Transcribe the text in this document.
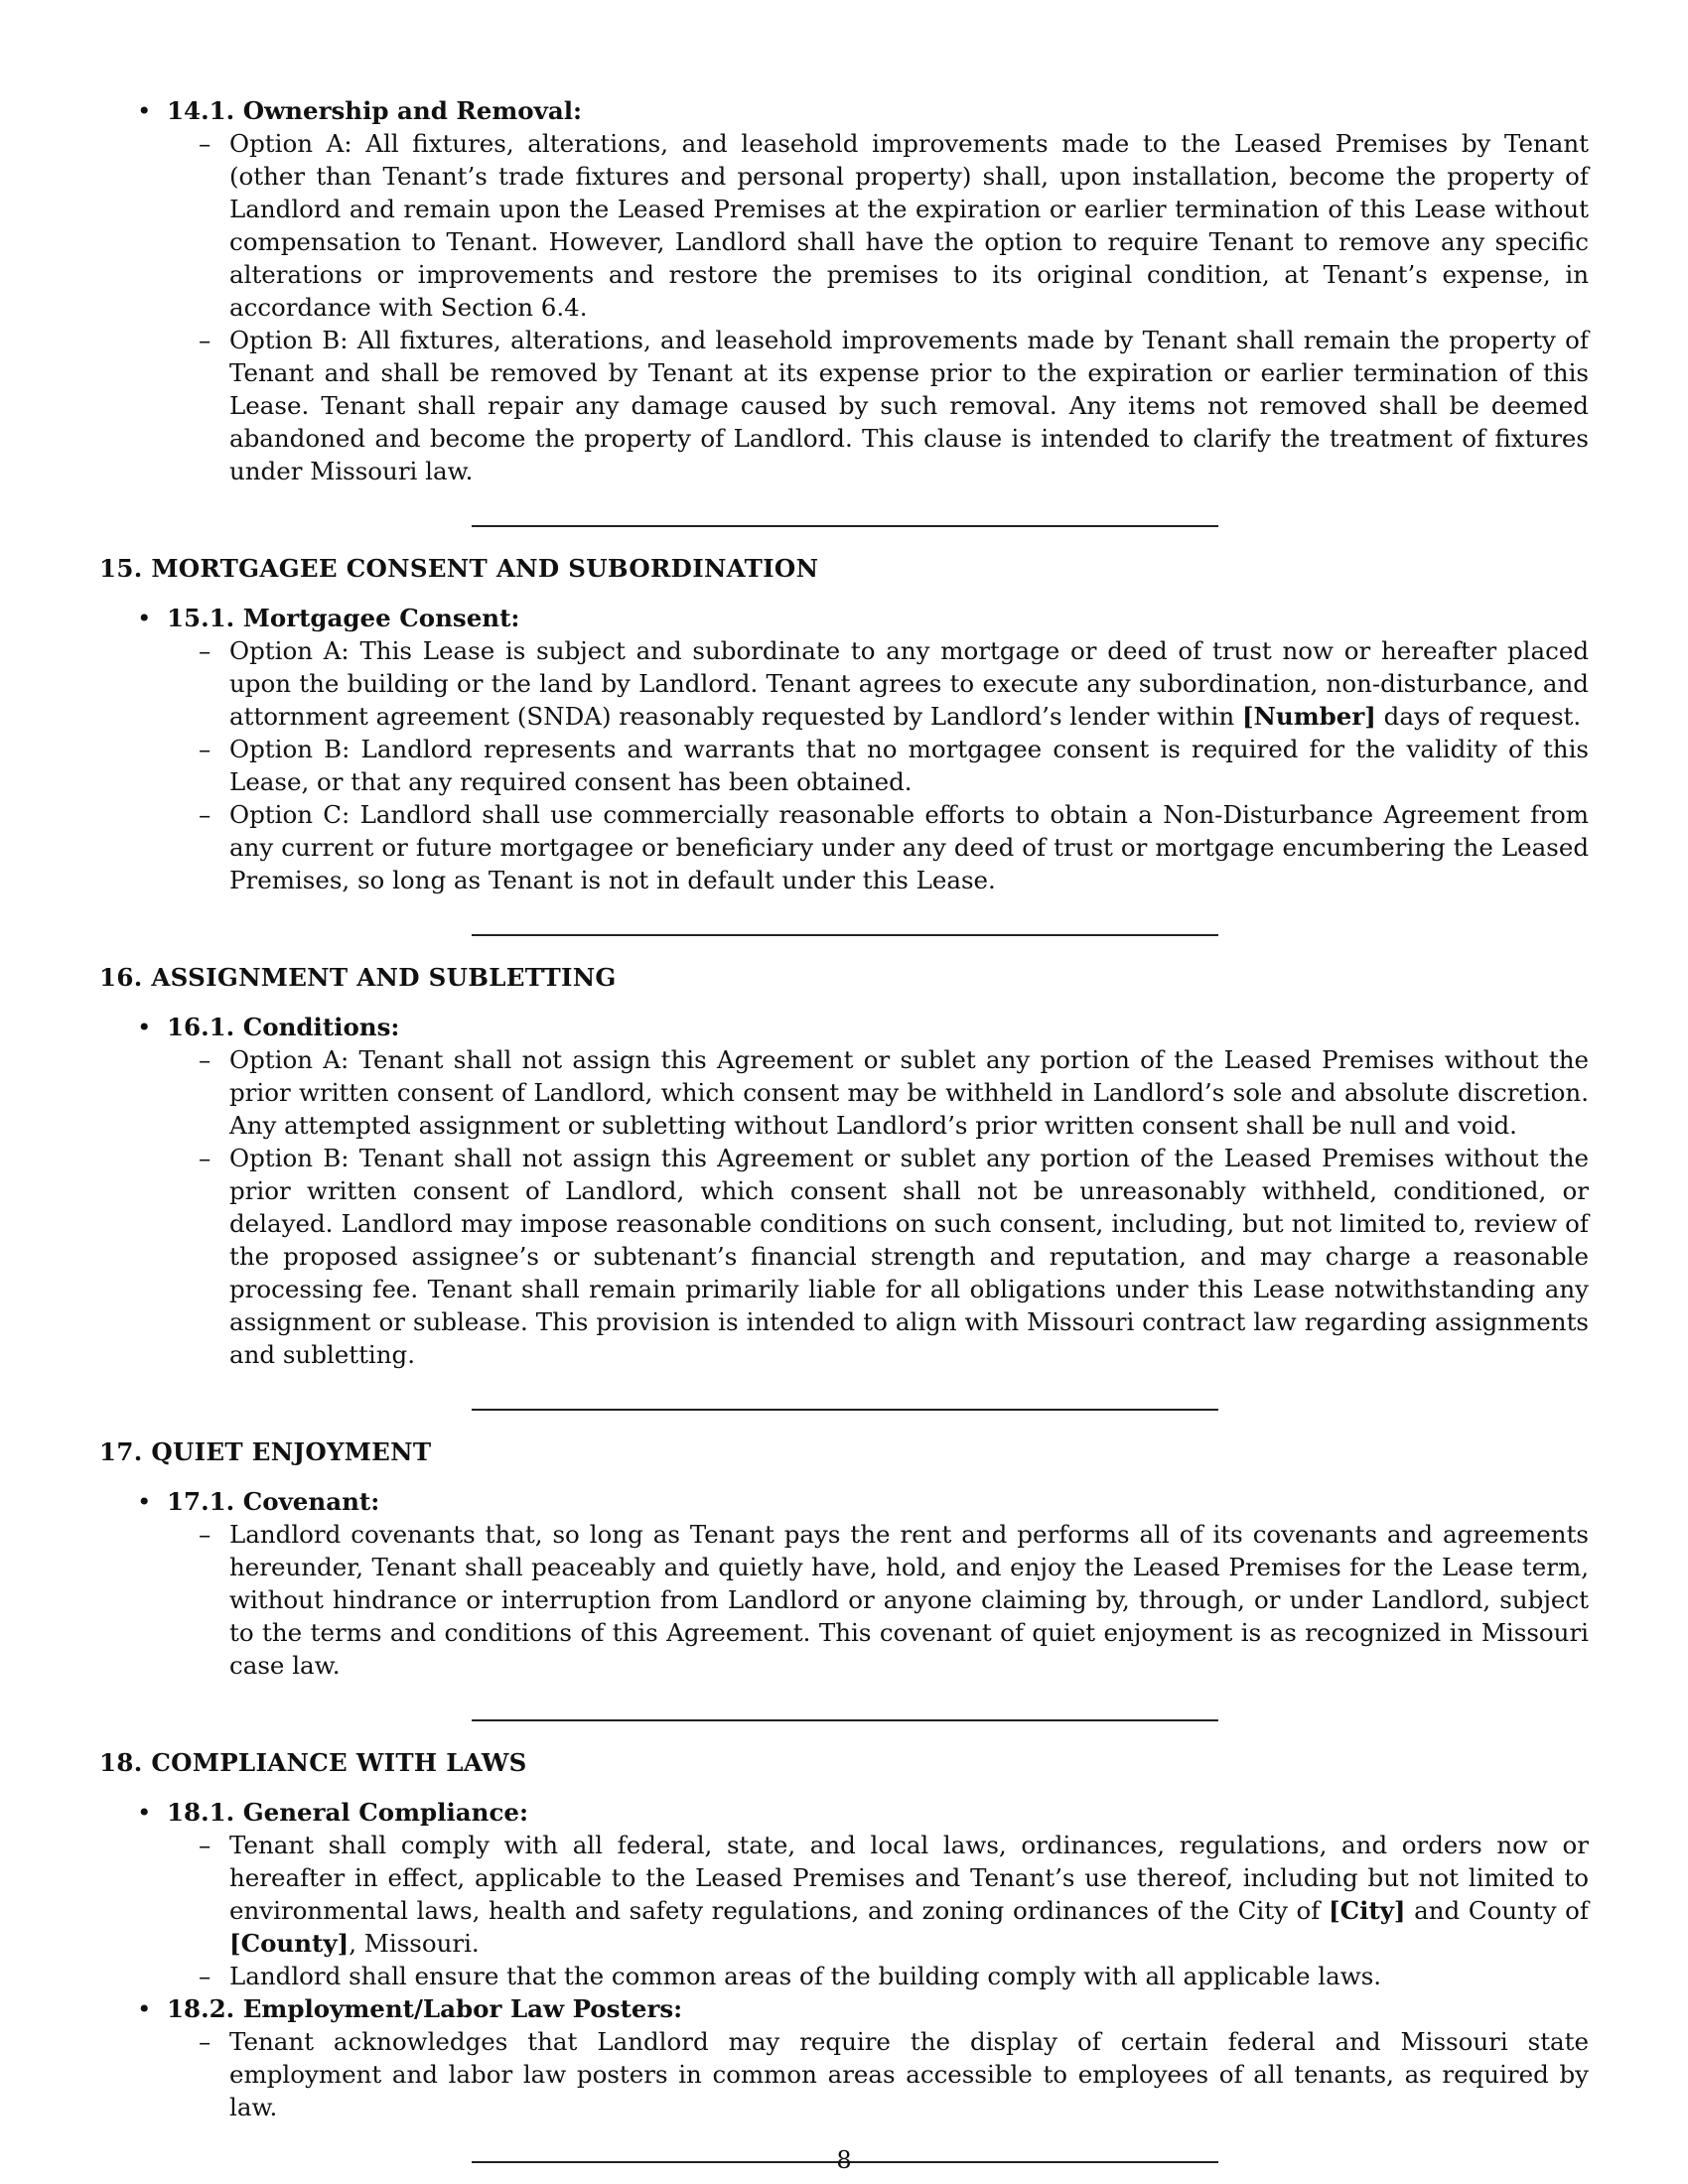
• 14.1. Ownership and Removal:
– Option A: All fixtures, alterations, and leasehold improvements made to the Leased Premises by Tenant (other than Tenant’s trade fixtures and personal property) shall, upon installation, become the property of Landlord and remain upon the Leased Premises at the expiration or earlier termination of this Lease without compensation to Tenant. However, Landlord shall have the option to require Tenant to remove any specific alterations or improvements and restore the premises to its original condition, at Tenant’s expense, in accordance with Section 6.4.
– Option B: All fixtures, alterations, and leasehold improvements made by Tenant shall remain the property of Tenant and shall be removed by Tenant at its expense prior to the expiration or earlier termination of this Lease. Tenant shall repair any damage caused by such removal. Any items not removed shall be deemed abandoned and become the property of Landlord. This clause is intended to clarify the treatment of fixtures under Missouri law.
15. MORTGAGEE CONSENT AND SUBORDINATION
• 15.1. Mortgagee Consent:
– Option A: This Lease is subject and subordinate to any mortgage or deed of trust now or hereafter placed upon the building or the land by Landlord. Tenant agrees to execute any subordination, non-disturbance, and attornment agreement (SNDA) reasonably requested by Landlord’s lender within [Number] days of request.
– Option B: Landlord represents and warrants that no mortgagee consent is required for the validity of this Lease, or that any required consent has been obtained.
– Option C: Landlord shall use commercially reasonable efforts to obtain a Non-Disturbance Agreement from any current or future mortgagee or beneficiary under any deed of trust or mortgage encumbering the Leased Premises, so long as Tenant is not in default under this Lease.
16. ASSIGNMENT AND SUBLETTING
• 16.1. Conditions:
– Option A: Tenant shall not assign this Agreement or sublet any portion of the Leased Premises without the prior written consent of Landlord, which consent may be withheld in Landlord’s sole and absolute discretion. Any attempted assignment or subletting without Landlord’s prior written consent shall be null and void.
– Option B: Tenant shall not assign this Agreement or sublet any portion of the Leased Premises without the prior written consent of Landlord, which consent shall not be unreasonably withheld, conditioned, or delayed. Landlord may impose reasonable conditions on such consent, including, but not limited to, review of the proposed assignee’s or subtenant’s financial strength and reputation, and may charge a reasonable processing fee. Tenant shall remain primarily liable for all obligations under this Lease notwithstanding any assignment or sublease. This provision is intended to align with Missouri contract law regarding assignments and subletting.
17. QUIET ENJOYMENT
• 17.1. Covenant:
– Landlord covenants that, so long as Tenant pays the rent and performs all of its covenants and agreements hereunder, Tenant shall peaceably and quietly have, hold, and enjoy the Leased Premises for the Lease term, without hindrance or interruption from Landlord or anyone claiming by, through, or under Landlord, subject to the terms and conditions of this Agreement. This covenant of quiet enjoyment is as recognized in Missouri case law.
18. COMPLIANCE WITH LAWS
• 18.1. General Compliance:
– Tenant shall comply with all federal, state, and local laws, ordinances, regulations, and orders now or hereafter in effect, applicable to the Leased Premises and Tenant’s use thereof, including but not limited to environmental laws, health and safety regulations, and zoning ordinances of the City of [City] and County of [County], Missouri.
– Landlord shall ensure that the common areas of the building comply with all applicable laws.
• 18.2. Employment/Labor Law Posters:
– Tenant acknowledges that Landlord may require the display of certain federal and Missouri state employment and labor law posters in common areas accessible to employees of all tenants, as required by law.
8
